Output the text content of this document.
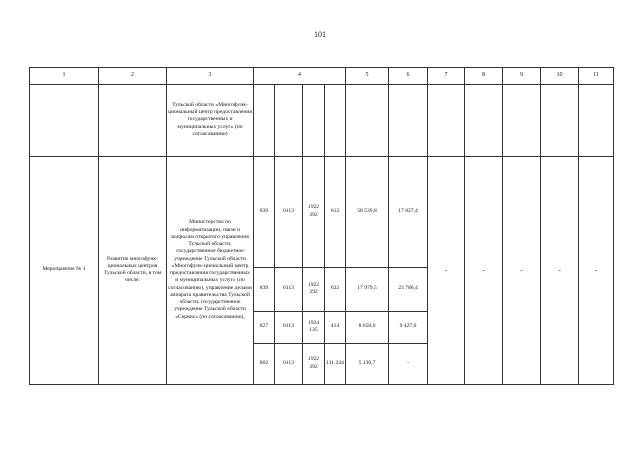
101
1	2	3	4				5	6	7	8	9	10	11	
		Тульской области «Многофунк-циональный центр предоставления государственных и муниципальных услуг» (по согласованию)												
Мероприятие № 1	Развитие многофунк-циональных центров Тульской области, в том числе:	Министерство по информатизации, связи и вопросам открытого управления Тульской области, государственное бюджетное учреждение Тульской области «Многофунк-циональный центр предоставления государственных и муниципальных услуг» (по согласованию), управление делами аппарата правительства Тульской области; государственное учреждение Тульской области «Сервис» (по согласованию),	839	0113	1922 392	612	58 539,8	17 827,4	-	-	-	-	-	
			839	0113	1922 392	622	17 979,5	23 786,4						
			827	0113	1924 135	414	8 650,0	9 427,0						
			802	0113	1922 392	111 244	5 130,7	-						
